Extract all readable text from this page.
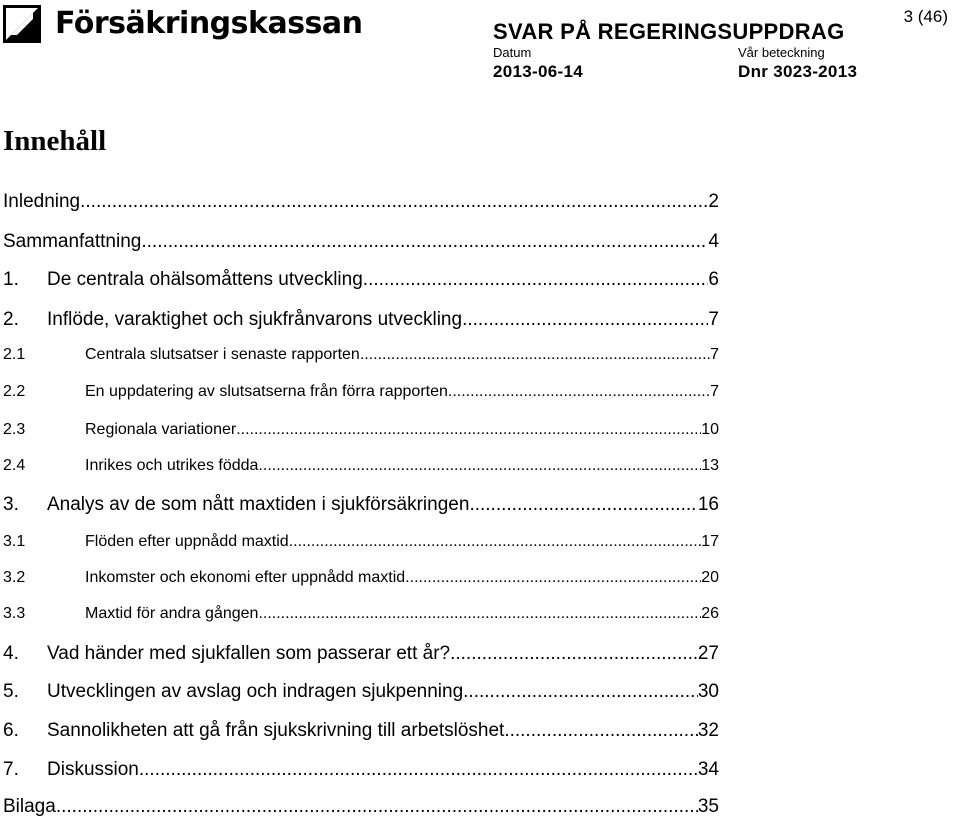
Försäkringskassan	3 (46)
SVAR PÅ REGERINGSUPPDRAG
Datum
2013-06-14
Vår beteckning
Dnr 3023-2013
Innehåll
Inledning .....	2
Sammanfattning .....	4
1.	De centrala ohälsomåttens utveckling .....	6
2.	Inflöde, varaktighet och sjukfrånvarons utveckling .....	7
2.1	Centrala slutsatser i senaste rapporten .....	7
2.2	En uppdatering av slutsatserna från förra rapporten .....	7
2.3	Regionala variationer .....	10
2.4	Inrikes och utrikes födda .....	13
3.	Analys av de som nått maxtiden i sjukförsäkringen .....	16
3.1	Flöden efter uppnådd maxtid .....	17
3.2	Inkomster och ekonomi efter uppnådd maxtid .....	20
3.3	Maxtid för andra gången .....	26
4.	Vad händer med sjukfallen som passerar ett år? .....	27
5.	Utvecklingen av avslag och indragen sjukpenning .....	30
6.	Sannolikheten att gå från sjukskrivning till arbetslöshet .....	32
7.	Diskussion .....	34
Bilaga .....	35
